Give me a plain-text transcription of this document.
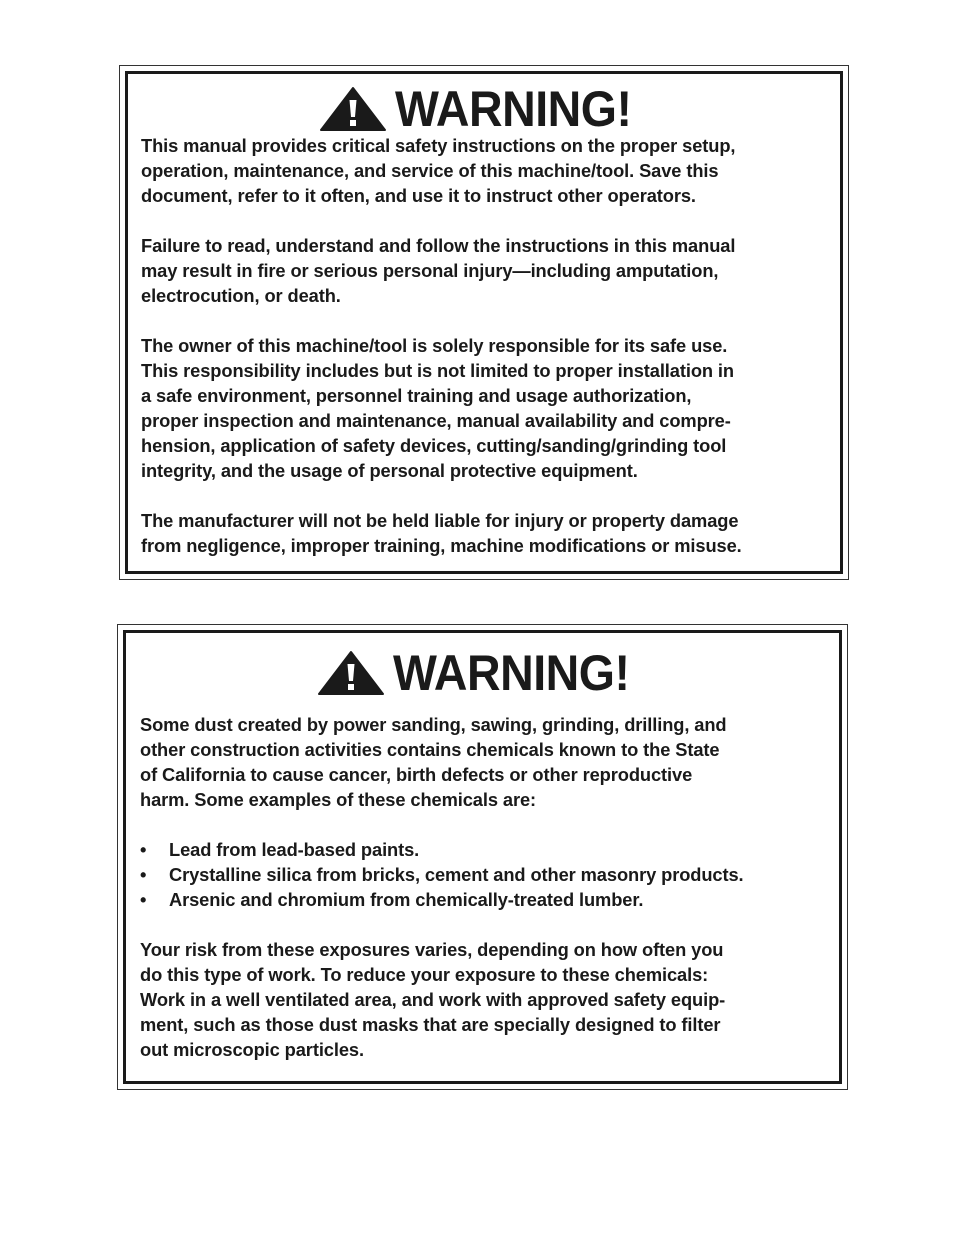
WARNING!

This manual provides critical safety instructions on the proper setup,
operation, maintenance, and service of this machine/tool. Save this
document, refer to it often, and use it to instruct other operators.

Failure to read, understand and follow the instructions in this manual
may result in fire or serious personal injury—including amputation,
electrocution, or death.

The owner of this machine/tool is solely responsible for its safe use.
This responsibility includes but is not limited to proper installation in
a safe environment, personnel training and usage authorization,
proper inspection and maintenance, manual availability and compre-
hension, application of safety devices, cutting/sanding/grinding tool
integrity, and the usage of personal protective equipment.

The manufacturer will not be held liable for injury or property damage
from negligence, improper training, machine modifications or misuse.

WARNING!

Some dust created by power sanding, sawing, grinding, drilling, and
other construction activities contains chemicals known to the State
of California to cause cancer, birth defects or other reproductive
harm. Some examples of these chemicals are:

• Lead from lead-based paints.
• Crystalline silica from bricks, cement and other masonry products.
• Arsenic and chromium from chemically-treated lumber.

Your risk from these exposures varies, depending on how often you
do this type of work. To reduce your exposure to these chemicals:
Work in a well ventilated area, and work with approved safety equip-
ment, such as those dust masks that are specially designed to filter
out microscopic particles.
